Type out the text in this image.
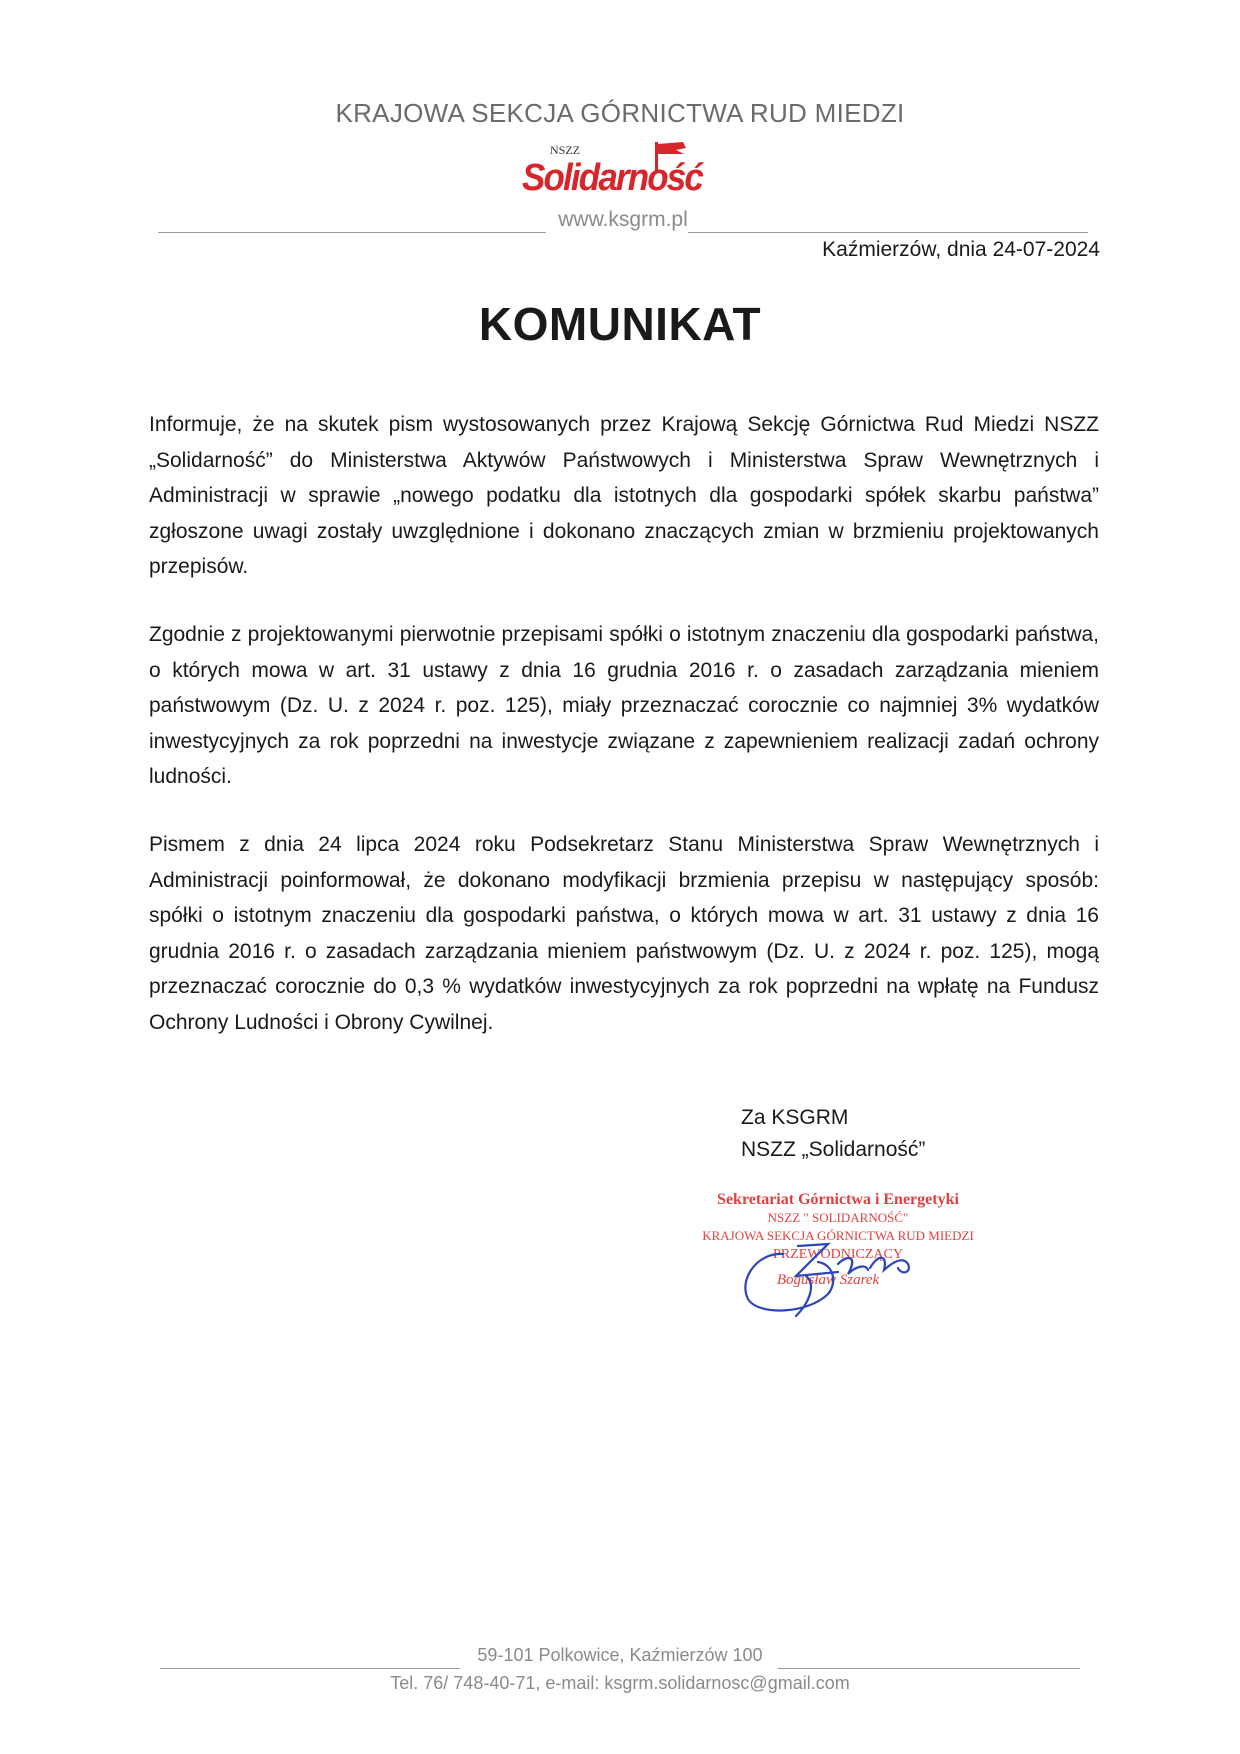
KRAJOWA SEKCJA GÓRNICTWA RUD MIEDZI
NSZZ
Solidarność
www.ksgrm.pl
Kaźmierzów, dnia 24-07-2024
KOMUNIKAT
Informuje, że na skutek pism wystosowanych przez Krajową Sekcję Górnictwa Rud Miedzi NSZZ „Solidarność” do Ministerstwa Aktywów Państwowych i Ministerstwa Spraw Wewnętrznych i Administracji w sprawie „nowego podatku dla istotnych dla gospodarki spółek skarbu państwa” zgłoszone uwagi zostały uwzględnione i dokonano znaczących zmian w brzmieniu projektowanych przepisów.
Zgodnie z projektowanymi pierwotnie przepisami spółki o istotnym znaczeniu dla gospodarki państwa, o których mowa w art. 31 ustawy z dnia 16 grudnia 2016 r. o zasadach zarządzania mieniem państwowym (Dz. U. z 2024 r. poz. 125), miały przeznaczać corocznie co najmniej 3% wydatków inwestycyjnych za rok poprzedni na inwestycje związane z zapewnieniem realizacji zadań ochrony ludności.
Pismem z dnia 24 lipca 2024 roku Podsekretarz Stanu Ministerstwa Spraw Wewnętrznych i Administracji poinformował, że dokonano modyfikacji brzmienia przepisu w następujący sposób: spółki o istotnym znaczeniu dla gospodarki państwa, o których mowa w art. 31 ustawy z dnia 16 grudnia 2016 r. o zasadach zarządzania mieniem państwowym (Dz. U. z 2024 r. poz. 125), mogą przeznaczać corocznie do 0,3 % wydatków inwestycyjnych za rok poprzedni na wpłatę na Fundusz Ochrony Ludności i Obrony Cywilnej.
Za KSGRM
NSZZ „Solidarność”
Sekretariat Górnictwa i Energetyki
NSZZ " SOLIDARNOŚĆ"
KRAJOWA SEKCJA GÓRNICTWA RUD MIEDZI
PRZEWODNICZĄCY
Bogusław Szarek
59-101 Polkowice, Kaźmierzów 100
Tel. 76/ 748-40-71, e-mail: ksgrm.solidarnosc@gmail.com
